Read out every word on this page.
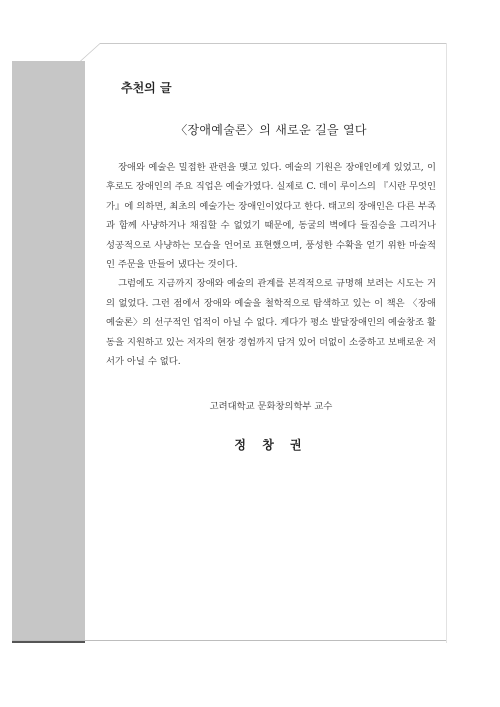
추천의 글
〈장애예술론〉의 새로운 길을 열다

장애와 예술은 밀접한 관련을 맺고 있다. 예술의 기원은 장애인에게 있었고, 이후로도 장애인의 주요 직업은 예술가였다. 실제로 C. 데이 루이스의 『시란 무엇인가』에 의하면, 최초의 예술가는 장애인이었다고 한다. 태고의 장애인은 다른 부족과 함께 사냥하거나 채집할 수 없었기 때문에, 동굴의 벽에다 들짐승을 그리거나 성공적으로 사냥하는 모습을 언어로 표현했으며, 풍성한 수확을 얻기 위한 마술적인 주문을 만들어 냈다는 것이다.

그럼에도 지금까지 장애와 예술의 관계를 본격적으로 규명해 보려는 시도는 거의 없었다. 그런 점에서 장애와 예술을 철학적으로 탐색하고 있는 이 책은 〈장애예술론〉의 선구적인 업적이 아닐 수 없다. 게다가 평소 발달장애인의 예술창조 활동을 지원하고 있는 저자의 현장 경험까지 담겨 있어 더없이 소중하고 보배로운 저서가 아닐 수 없다.

고려대학교 문화창의학부 교수
정 창 권
